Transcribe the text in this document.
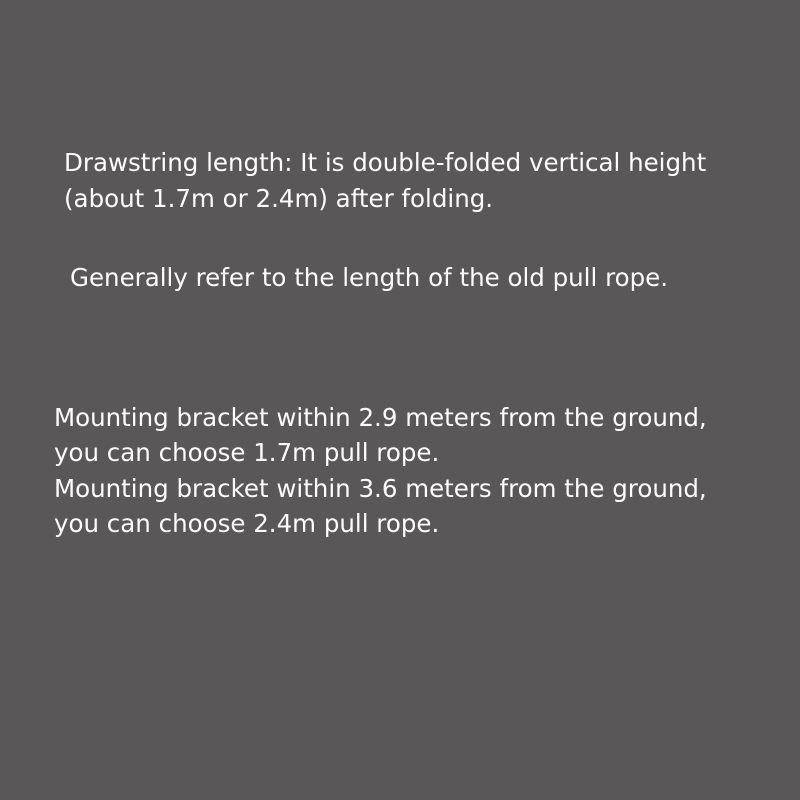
Drawstring length: It is double-folded vertical height
(about 1.7m or 2.4m) after folding.
Generally refer to the length of the old pull rope.
Mounting bracket within 2.9 meters from the ground,
you can choose 1.7m pull rope.
Mounting bracket within 3.6 meters from the ground,
you can choose 2.4m pull rope.
